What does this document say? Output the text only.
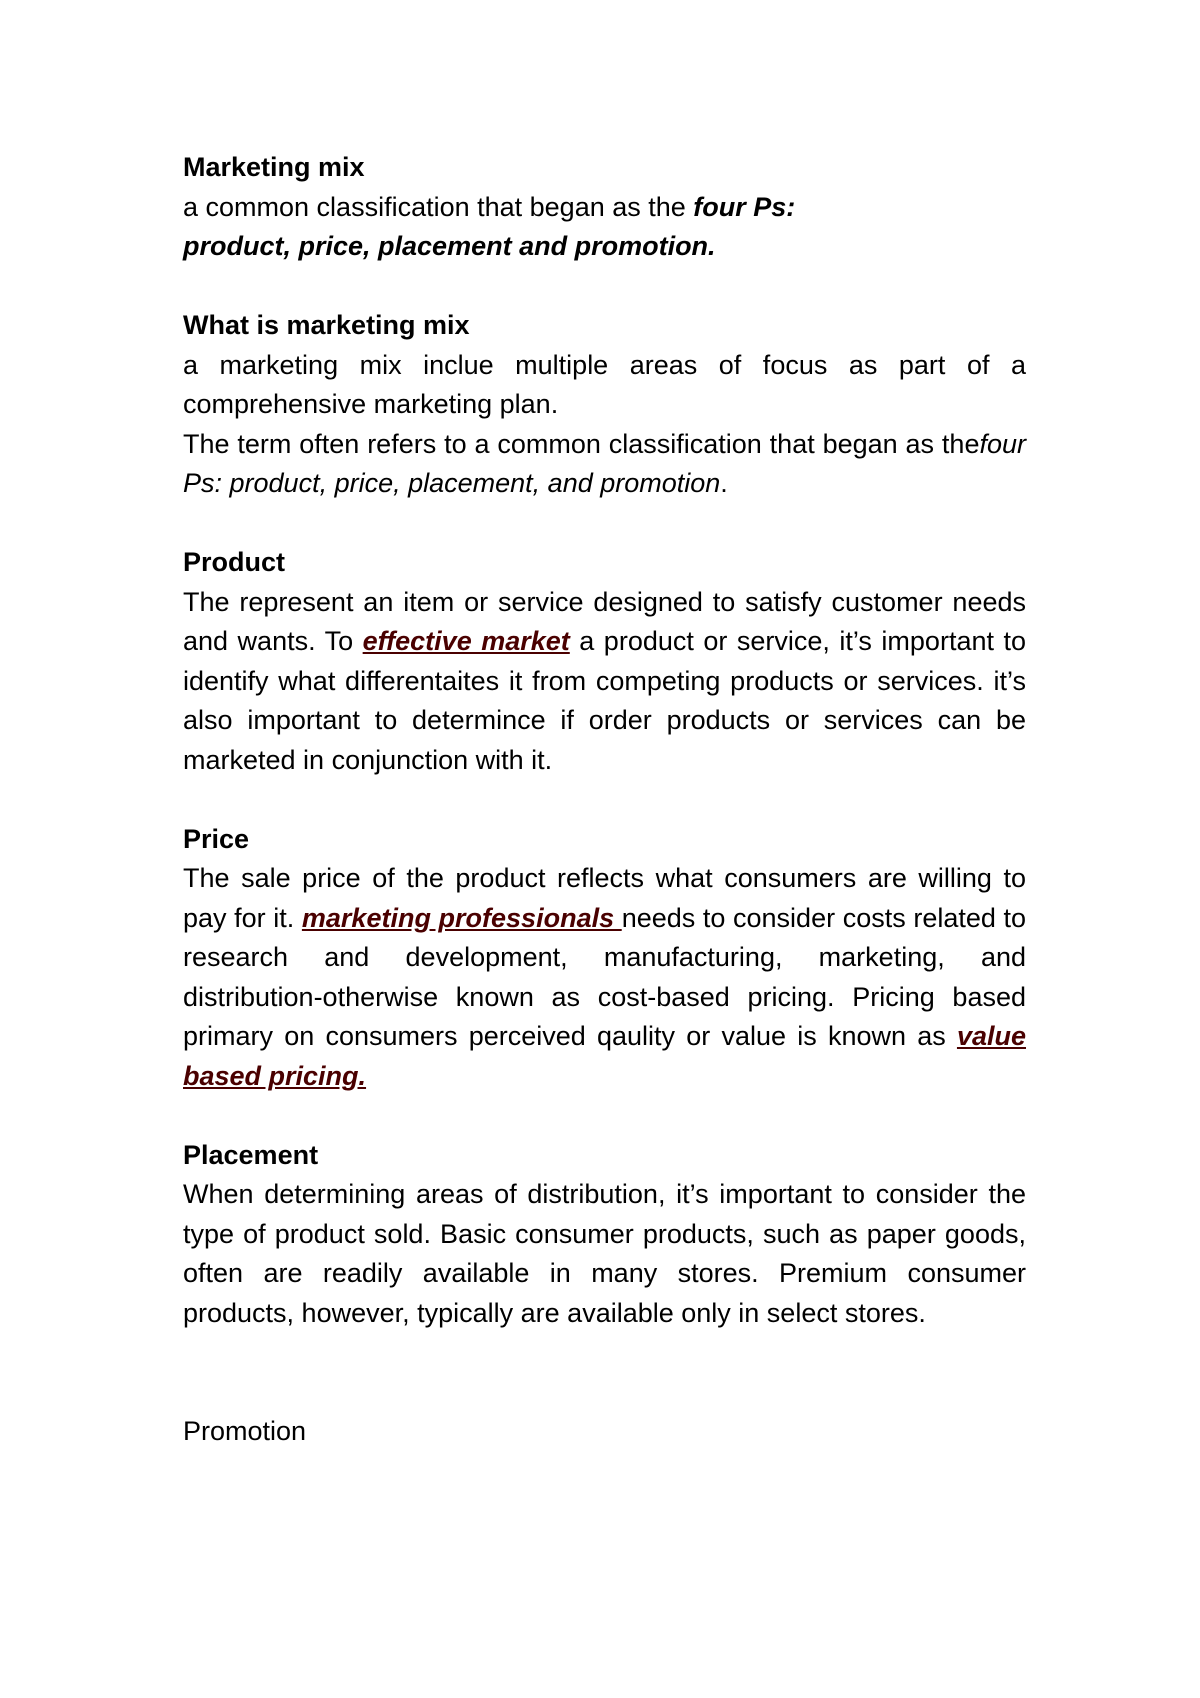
Marketing mix

a common classification that began as the four Ps:

product, price, placement and promotion.

What is marketing mix

a marketing mix inclue multiple areas of focus as part of a comprehensive marketing plan.

The term often refers to a common classification that began as thefour Ps: product, price, placement, and promotion.

Product

The represent an item or service designed to satisfy customer needs and wants. To effective market a product or service, it’s important to identify what differentaites it from competing products or services. it’s also important to determince if order products or services can be marketed in conjunction with it.

Price

The sale price of the product reflects what consumers are willing to pay for it. marketing professionals needs to consider costs related to research and development, manufacturing, marketing, and distribution-otherwise known as cost-based pricing. Pricing based primary on consumers perceived qaulity or value is known as value based pricing.

Placement

When determining areas of distribution, it’s important to consider the type of product sold. Basic consumer products, such as paper goods, often are readily available in many stores. Premium consumer products, however, typically are available only in select stores.

Promotion
